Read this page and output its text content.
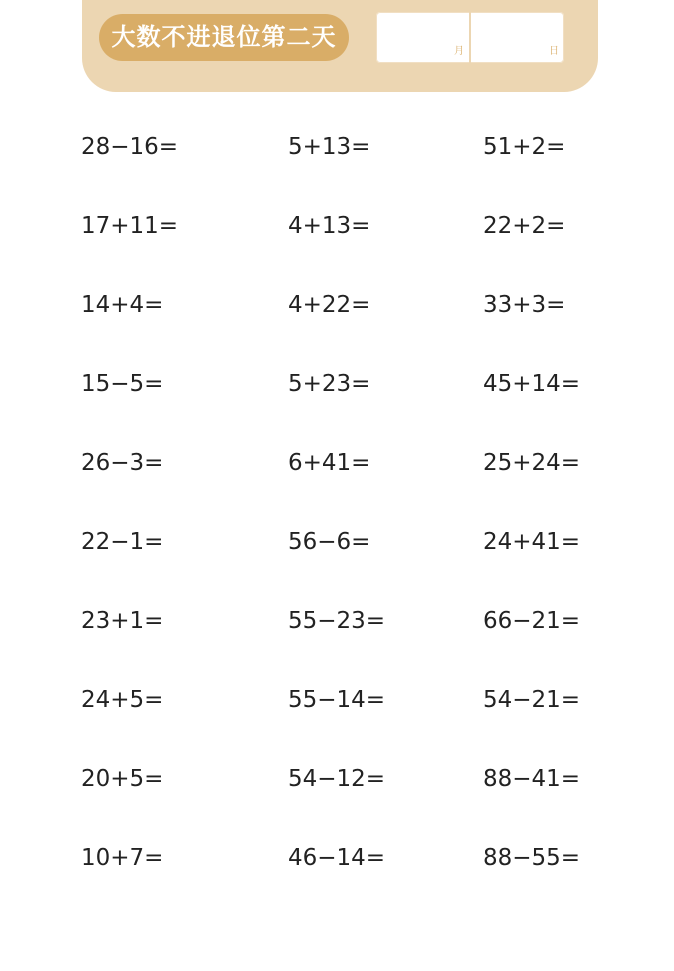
大数不进退位第二天
月	日
28−16=	5+13=	51+2=
17+11=	4+13=	22+2=
14+4=	4+22=	33+3=
15−5=	5+23=	45+14=
26−3=	6+41=	25+24=
22−1=	56−6=	24+41=
23+1=	55−23=	66−21=
24+5=	55−14=	54−21=
20+5=	54−12=	88−41=
10+7=	46−14=	88−55=
